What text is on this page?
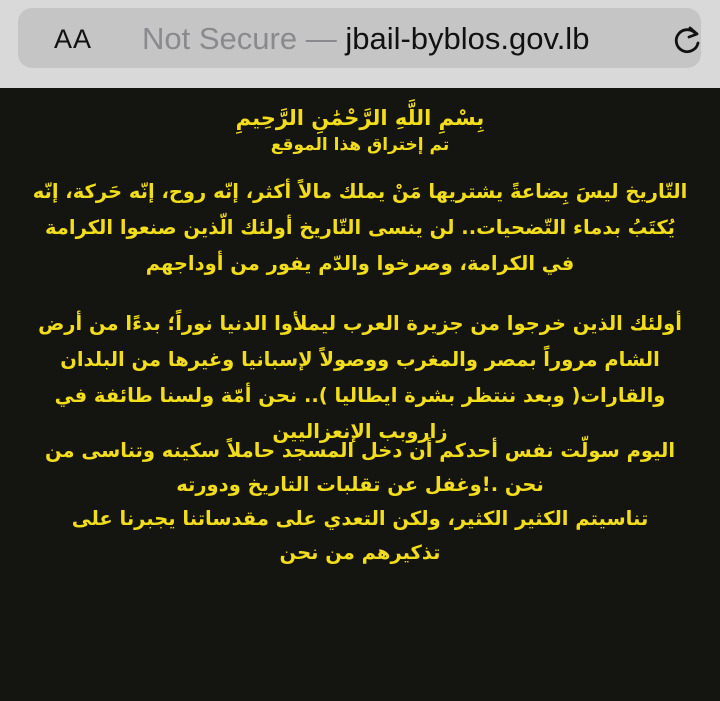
AA Not Secure — jbail-byblos.gov.lb

بِسْمِ اللَّهِ الرَّحْمَٰنِ الرَّحِيمِ

تم إختراق هذا الموقع

التّاريخ ليسَ بِضاعةً يشتريها مَنْ يملك مالاً أكثر، إنّه روح، إنّه حَركة، إنّه يُكتَبُ بدماء التّضحيات.. لن ينسى التّاريخ أولئك الّذين صنعوا الكرامة في الكرامة، وصرخوا والدّم يفور من أوداجهم

أولئك الذين خرجوا من جزيرة العرب ليملأوا الدنيا نوراً؛ بدءًا من أرض الشام مروراً بمصر والمغرب ووصولاً لإسبانيا وغيرها من البلدان والقارات( وبعد ننتظر بشرة ايطاليا ).. نحن أمّة ولسنا طائفة في زاروبب الإنعزاليين

اليوم سولّت نفس أحدكم أن دخل المسجد حاملاً سكينه وتناسى من نحن .!وغفل عن تقلبات التاريخ ودورته

تناسيتم الكثير الكثير، ولكن التعدي على مقدساتنا يجبرنا على تذكيرهم من نحن
